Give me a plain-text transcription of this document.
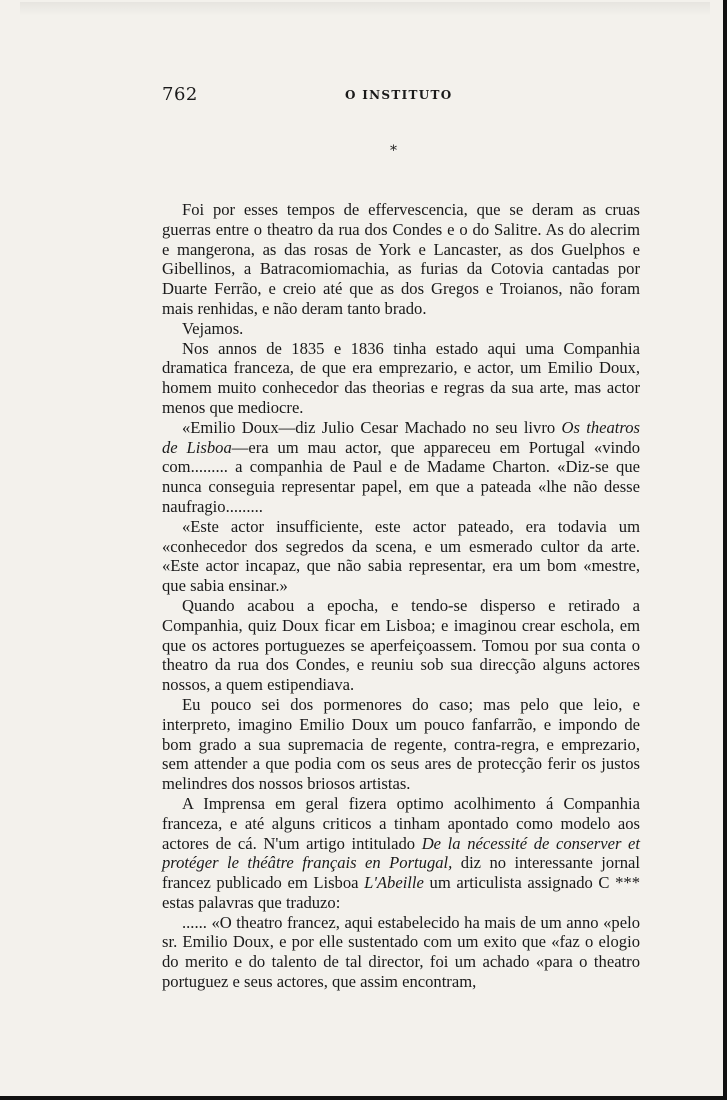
762	O INSTITUTO
*

Foi por esses tempos de effervescencia, que se deram as cruas guerras entre o theatro da rua dos Condes e o do Salitre. As do alecrim e mangerona, as das rosas de York e Lancaster, as dos Guelphos e Gibellinos, a Batracomiomachia, as furias da Cotovia cantadas por Duarte Ferrão, e creio até que as dos Gregos e Troianos, não foram mais renhidas, e não deram tanto brado.

Vejamos.

Nos annos de 1835 e 1836 tinha estado aqui uma Companhia dramatica franceza, de que era emprezario, e actor, um Emilio Doux, homem muito conhecedor das theorias e regras da sua arte, mas actor menos que mediocre.

«Emilio Doux—diz Julio Cesar Machado no seu livro Os theatros de Lisboa—era um mau actor, que appareceu em Portugal «vindo com......... a companhia de Paul e de Madame Charton. «Diz-se que nunca conseguia representar papel, em que a pateada «lhe não desse naufragio.........

«Este actor insufficiente, este actor pateado, era todavia um «conhecedor dos segredos da scena, e um esmerado cultor da arte. «Este actor incapaz, que não sabia representar, era um bom «mestre, que sabia ensinar.»

Quando acabou a epocha, e tendo-se disperso e retirado a Companhia, quiz Doux ficar em Lisboa; e imaginou crear eschola, em que os actores portuguezes se aperfeiçoassem. Tomou por sua conta o theatro da rua dos Condes, e reuniu sob sua direcção alguns actores nossos, a quem estipendiava.

Eu pouco sei dos pormenores do caso; mas pelo que leio, e interpreto, imagino Emilio Doux um pouco fanfarrão, e impondo de bom grado a sua supremacia de regente, contra-regra, e emprezario, sem attender a que podia com os seus ares de protecção ferir os justos melindres dos nossos briosos artistas.

A Imprensa em geral fizera optimo acolhimento á Companhia franceza, e até alguns criticos a tinham apontado como modelo aos actores de cá. N'um artigo intitulado De la nécessité de conserver et protéger le théâtre français en Portugal, diz no interessante jornal francez publicado em Lisboa L'Abeille um articulista assignado C *** estas palavras que traduzo:

...... «O theatro francez, aqui estabelecido ha mais de um anno «pelo sr. Emilio Doux, e por elle sustentado com um exito que «faz o elogio do merito e do talento de tal director, foi um achado «para o theatro portuguez e seus actores, que assim encontram,
